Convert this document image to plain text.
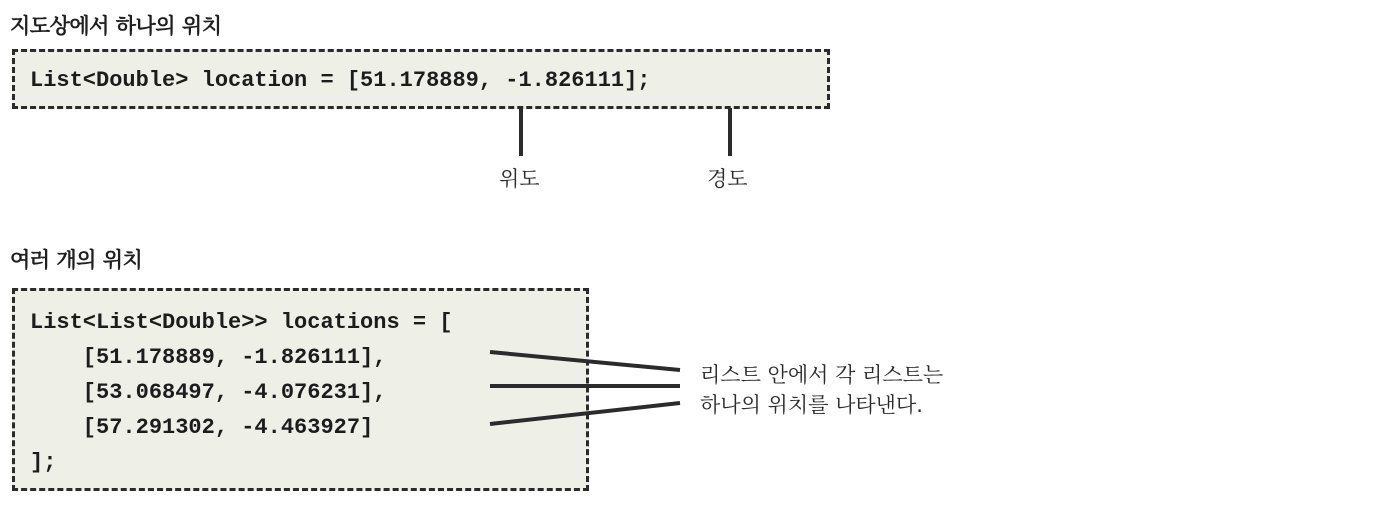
지도상에서 하나의 위치
List<Double> location = [51.178889, -1.826111];
위도	경도
여러 개의 위치
List<List<Double>> locations = [
[51.178889, -1.826111],
[53.068497, -4.076231],
[57.291302, -4.463927]
];
리스트 안에서 각 리스트는
하나의 위치를 나타낸다.
